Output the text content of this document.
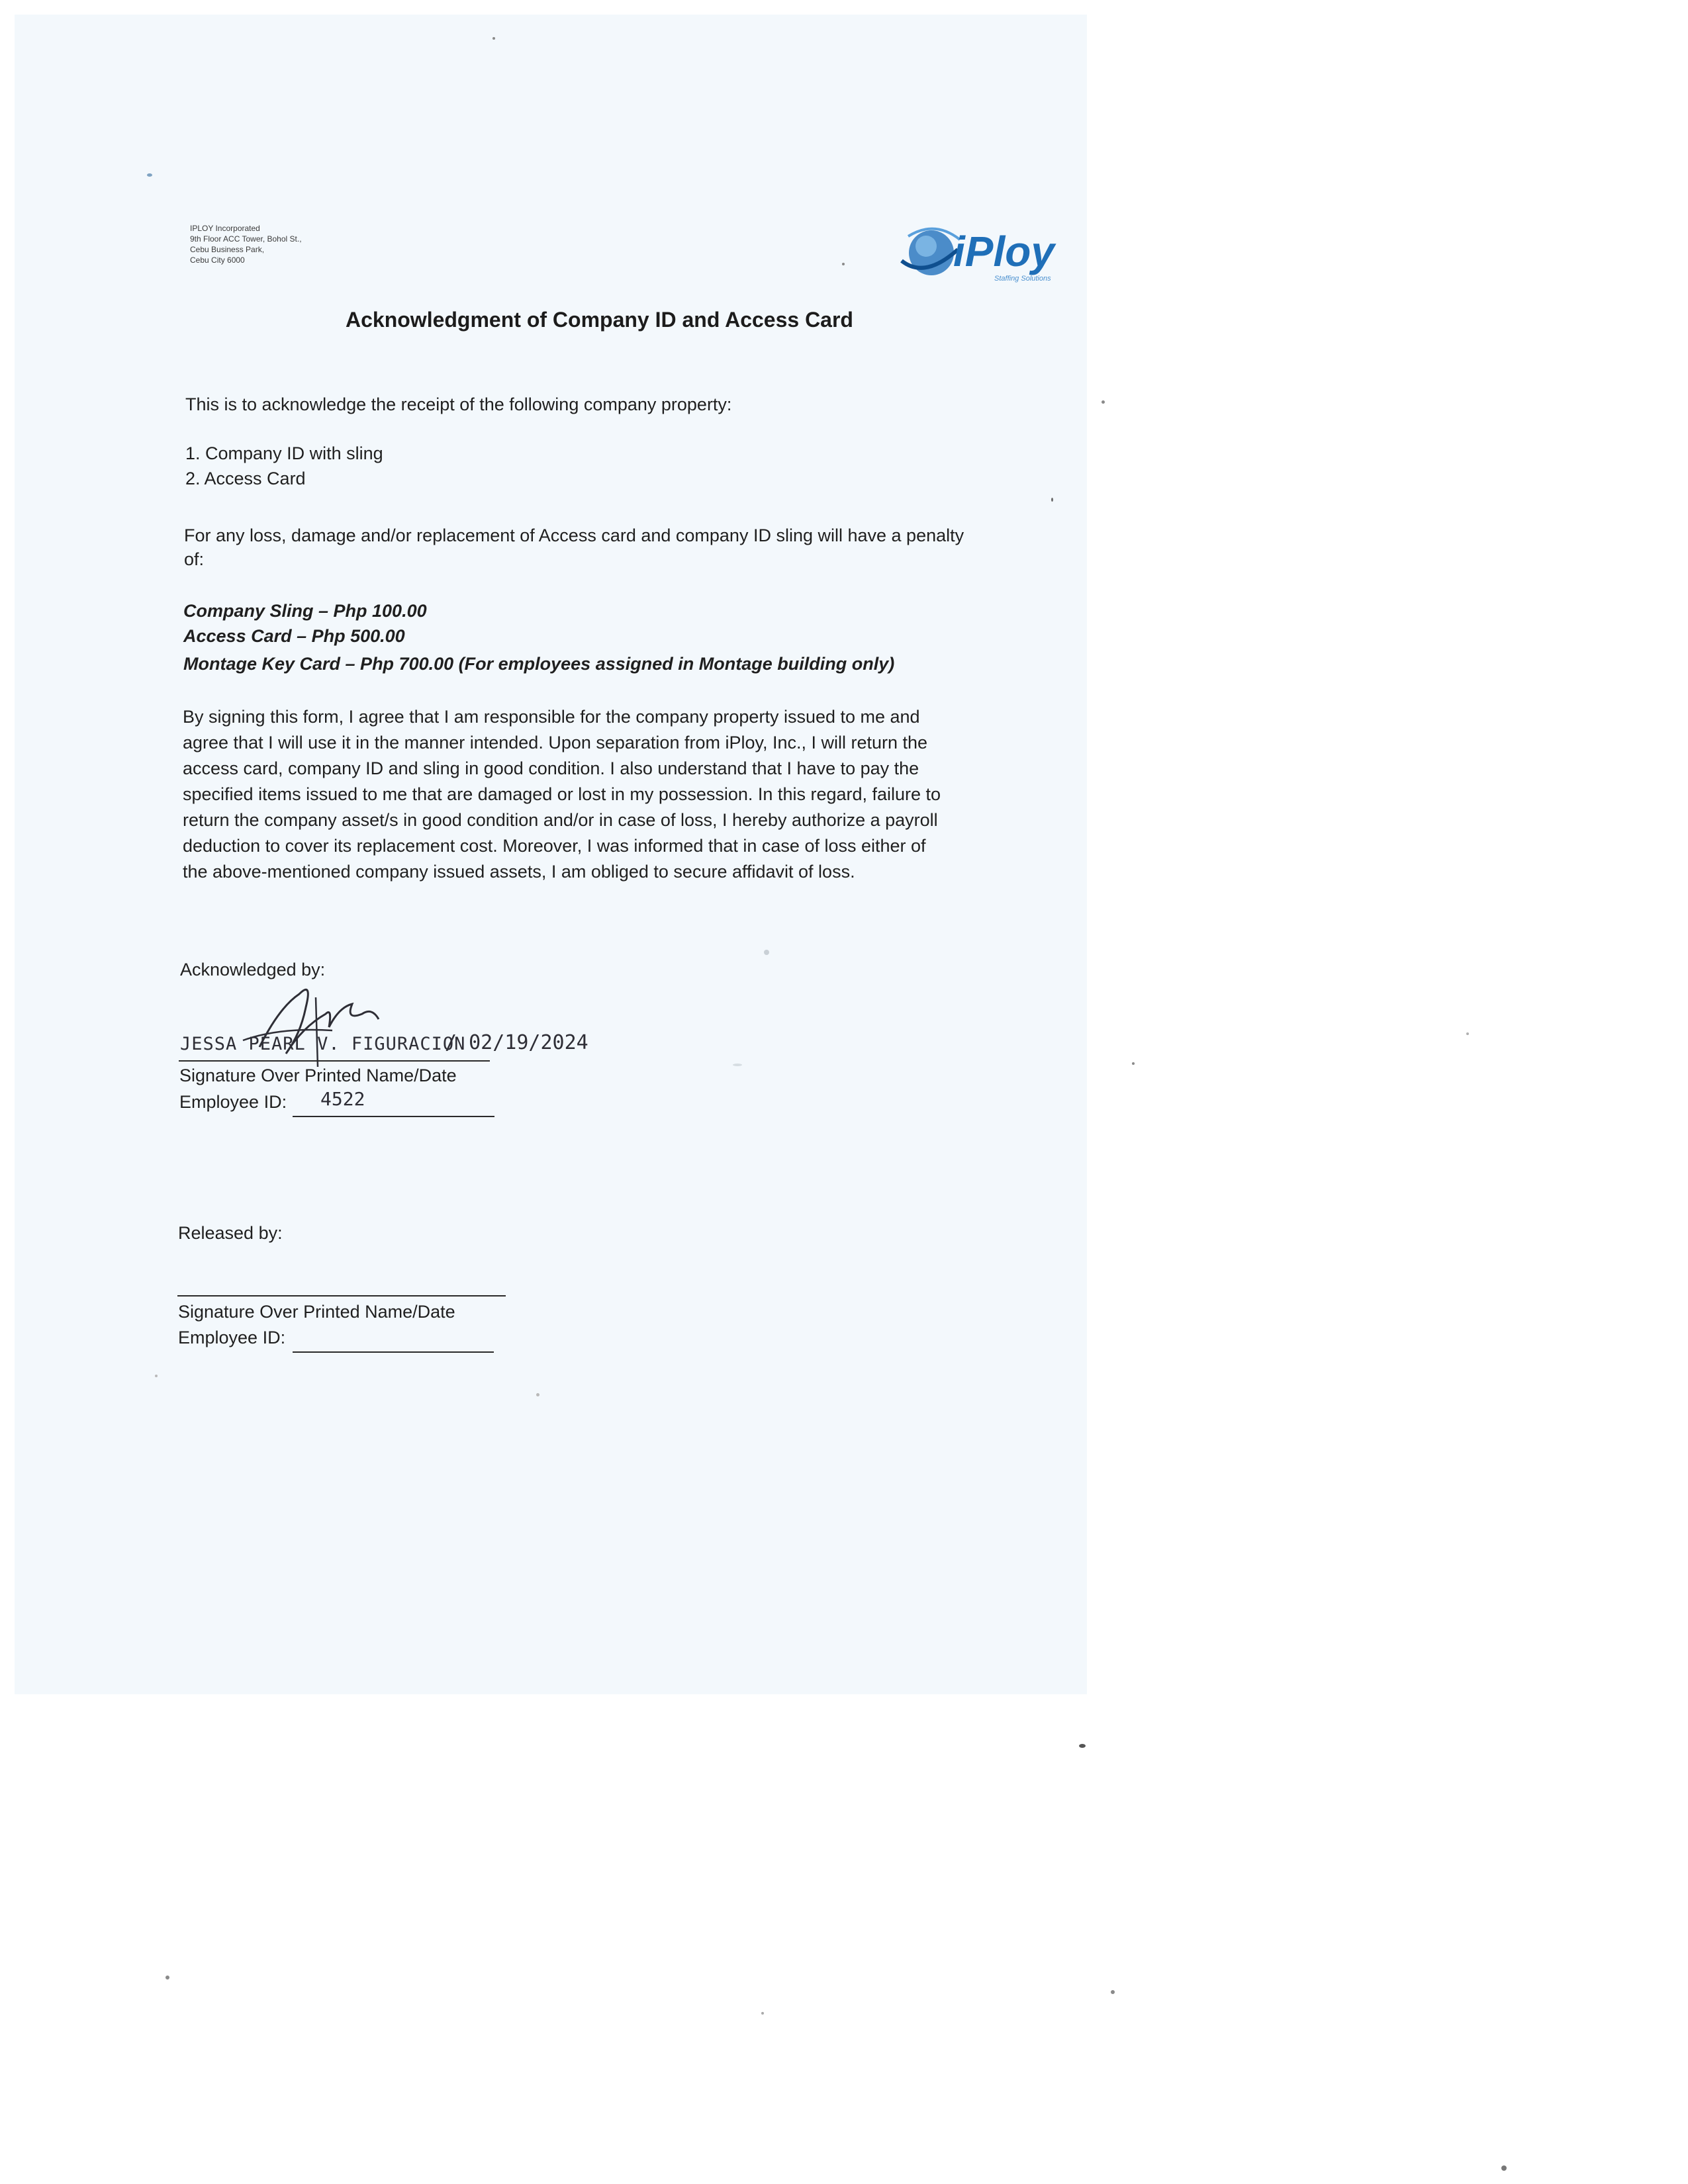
IPLOY Incorporated
9th Floor ACC Tower, Bohol St.,
Cebu Business Park,
Cebu City 6000	iPloy
Staffing Solutions
Acknowledgment of Company ID and Access Card
This is to acknowledge the receipt of the following company property:
1. Company ID with sling
2. Access Card
For any loss, damage and/or replacement of Access card and company ID sling will have a penalty
of:
Company Sling – Php 100.00
Access Card – Php 500.00
Montage Key Card – Php 700.00 (For employees assigned in Montage building only)
By signing this form, I agree that I am responsible for the company property issued to me and
agree that I will use it in the manner intended. Upon separation from iPloy, Inc., I will return the
access card, company ID and sling in good condition. I also understand that I have to pay the
specified items issued to me that are damaged or lost in my possession. In this regard, failure to
return the company asset/s in good condition and/or in case of loss, I hereby authorize a payroll
deduction to cover its replacement cost. Moreover, I was informed that in case of loss either of
the above-mentioned company issued assets, I am obliged to secure affidavit of loss.
Acknowledged by:
JESSA PEARL V. FIGURACION
/ 02/19/2024
Signature Over Printed Name/Date
Employee ID: 4522
Released by:
Signature Over Printed Name/Date
Employee ID:
